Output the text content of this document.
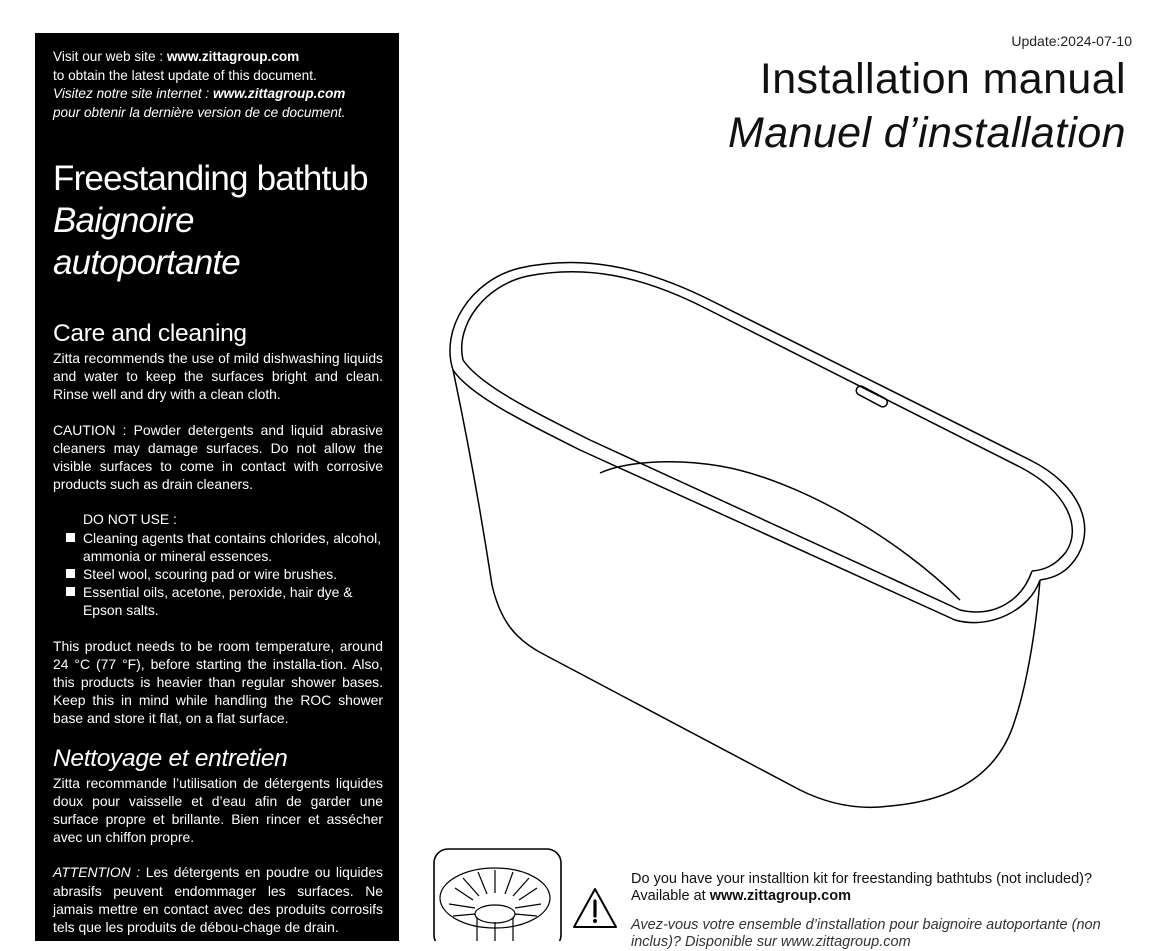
Visit our web site : www.zittagroup.com
to obtain the latest update of this document.
Visitez notre site internet : www.zittagroup.com
pour obtenir la dernière version de ce document.
Freestanding bathtub
Baignoire autoportante
Care and cleaning

Zitta recommends the use of mild dishwashing liquids and water to keep the surfaces bright and clean. Rinse well and dry with a clean cloth.

CAUTION : Powder detergents and liquid abrasive cleaners may damage surfaces. Do not allow the visible surfaces to come in contact with corrosive products such as drain cleaners.

DO NOT USE :
Cleaning agents that contains chlorides, alcohol, ammonia or mineral essences.
Steel wool, scouring pad or wire brushes.
Essential oils, acetone, peroxide, hair dye & Epson salts.

This product needs to be room temperature, around 24 °C (77 °F), before starting the installa-tion. Also, this products is heavier than regular shower bases. Keep this in mind while handling the ROC shower base and store it flat, on a flat surface.

Nettoyage et entretien

Zitta recommande l’utilisation de détergents liquides doux pour vaisselle et d’eau afin de garder une surface propre et brillante. Bien rincer et assécher avec un chiffon propre.

ATTENTION : Les détergents en poudre ou liquides abrasifs peuvent endommager les surfaces. Ne jamais mettre en contact avec des produits corrosifs tels que les produits de débou-chage de drain.

Update:2024-07-10
Installation manual
Manuel d’installation
Do you have your installtion kit for freestanding bathtubs (not included)?
Available at www.zittagroup.com
Avez-vous votre ensemble d’installation pour baignoire autoportante (non inclus)? Disponible sur www.zittagroup.com
